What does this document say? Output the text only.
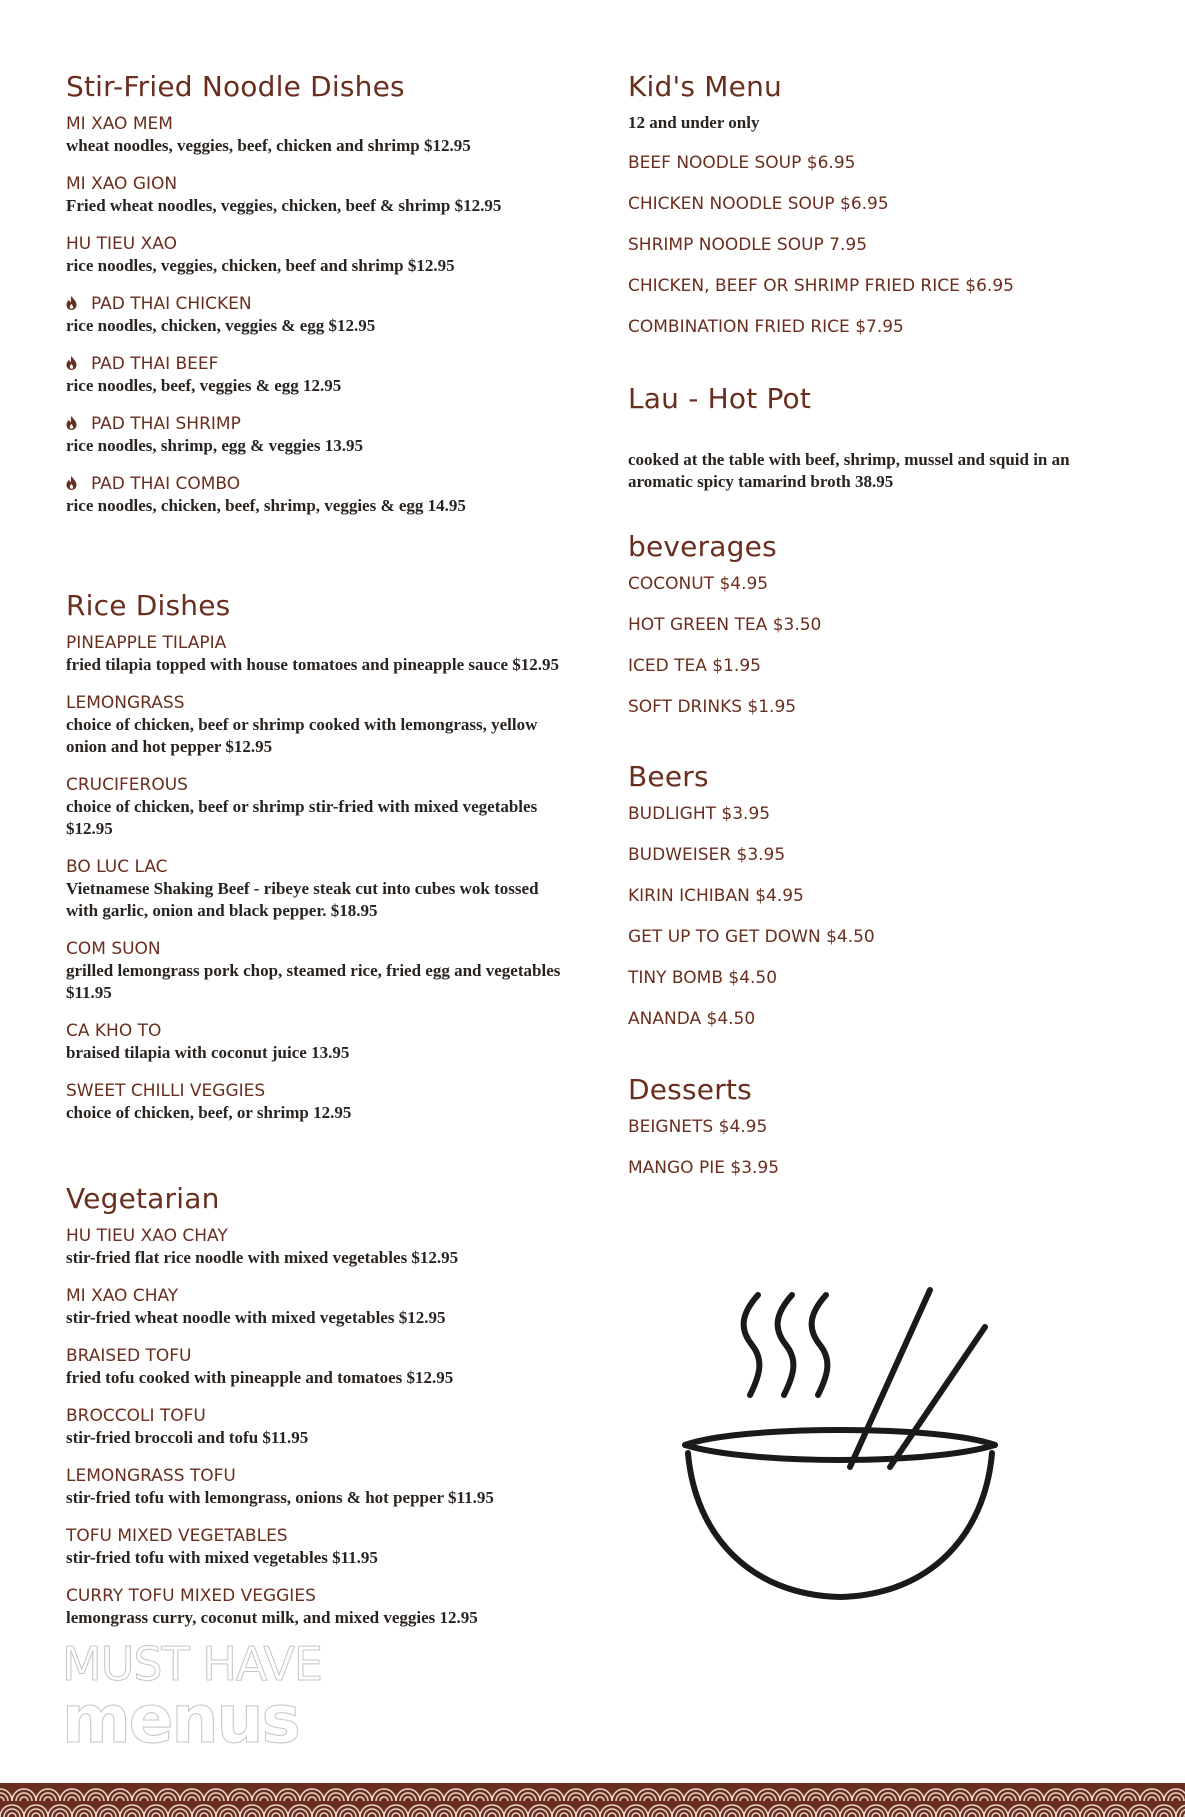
Stir-Fried Noodle Dishes
MI XAO MEM
wheat noodles, veggies, beef, chicken and shrimp $12.95
MI XAO GION
Fried wheat noodles, veggies, chicken, beef & shrimp $12.95
HU TIEU XAO
rice noodles, veggies, chicken, beef and shrimp $12.95
PAD THAI CHICKEN
rice noodles, chicken, veggies & egg $12.95
PAD THAI BEEF
rice noodles, beef, veggies & egg 12.95
PAD THAI SHRIMP
rice noodles, shrimp, egg & veggies 13.95
PAD THAI COMBO
rice noodles, chicken, beef, shrimp, veggies & egg 14.95
Rice Dishes
PINEAPPLE TILAPIA
fried tilapia topped with house tomatoes and pineapple sauce $12.95
LEMONGRASS
choice of chicken, beef or shrimp cooked with lemongrass, yellow onion and hot pepper $12.95
CRUCIFEROUS
choice of chicken, beef or shrimp stir-fried with mixed vegetables $12.95
BO LUC LAC
Vietnamese Shaking Beef - ribeye steak cut into cubes wok tossed with garlic, onion and black pepper. $18.95
COM SUON
grilled lemongrass pork chop, steamed rice, fried egg and vegetables $11.95
CA KHO TO
braised tilapia with coconut juice 13.95
SWEET CHILLI VEGGIES
choice of chicken, beef, or shrimp 12.95
Vegetarian
HU TIEU XAO CHAY
stir-fried flat rice noodle with mixed vegetables $12.95
MI XAO CHAY
stir-fried wheat noodle with mixed vegetables $12.95
BRAISED TOFU
fried tofu cooked with pineapple and tomatoes $12.95
BROCCOLI TOFU
stir-fried broccoli and tofu $11.95
LEMONGRASS TOFU
stir-fried tofu with lemongrass, onions & hot pepper $11.95
TOFU MIXED VEGETABLES
stir-fried tofu with mixed vegetables $11.95
CURRY TOFU MIXED VEGGIES
lemongrass curry, coconut milk, and mixed veggies 12.95
Kid's Menu
12 and under only
BEEF NOODLE SOUP $6.95
CHICKEN NOODLE SOUP $6.95
SHRIMP NOODLE SOUP 7.95
CHICKEN, BEEF OR SHRIMP FRIED RICE $6.95
COMBINATION FRIED RICE $7.95
Lau - Hot Pot
cooked at the table with beef, shrimp, mussel and squid in an aromatic spicy tamarind broth 38.95
beverages
COCONUT $4.95
HOT GREEN TEA $3.50
ICED TEA $1.95
SOFT DRINKS $1.95
Beers
BUDLIGHT $3.95
BUDWEISER $3.95
KIRIN ICHIBAN $4.95
GET UP TO GET DOWN $4.50
TINY BOMB $4.50
ANANDA $4.50
Desserts
BEIGNETS $4.95
MANGO PIE $3.95
MUST HAVE
menus
